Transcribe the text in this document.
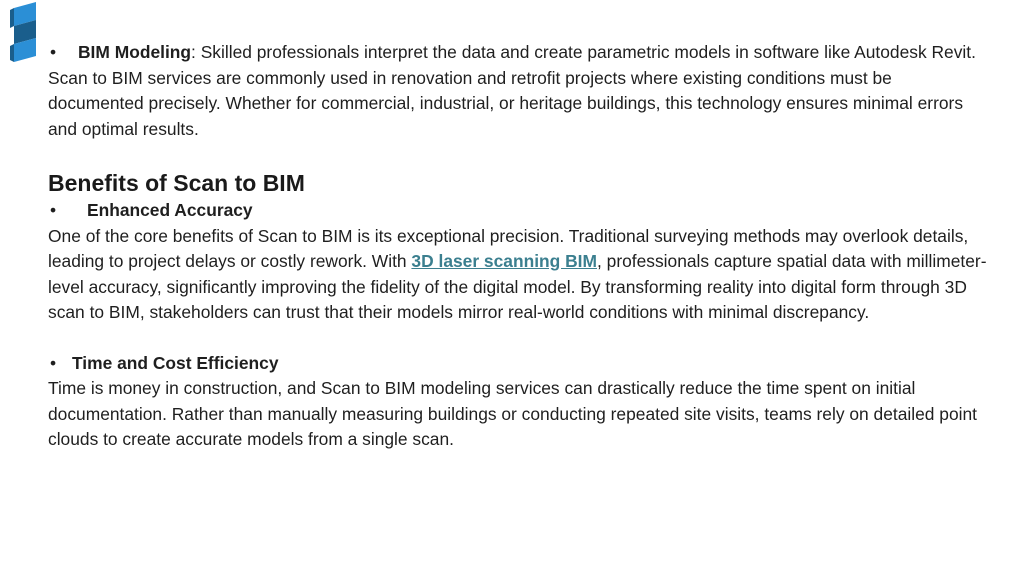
•	BIM Modeling: Skilled professionals interpret the data and create parametric models in software like Autodesk Revit.

Scan to BIM services are commonly used in renovation and retrofit projects where existing conditions must be documented precisely. Whether for commercial, industrial, or heritage buildings, this technology ensures minimal errors and optimal results.

Benefits of Scan to BIM
•	Enhanced Accuracy

One of the core benefits of Scan to BIM is its exceptional precision. Traditional surveying methods may overlook details, leading to project delays or costly rework. With 3D laser scanning BIM, professionals capture spatial data with millimeter-level accuracy, significantly improving the fidelity of the digital model. By transforming reality into digital form through 3D scan to BIM, stakeholders can trust that their models mirror real-world conditions with minimal discrepancy.

• Time and Cost Efficiency

Time is money in construction, and Scan to BIM modeling services can drastically reduce the time spent on initial documentation. Rather than manually measuring buildings or conducting repeated site visits, teams rely on detailed point clouds to create accurate models from a single scan.
